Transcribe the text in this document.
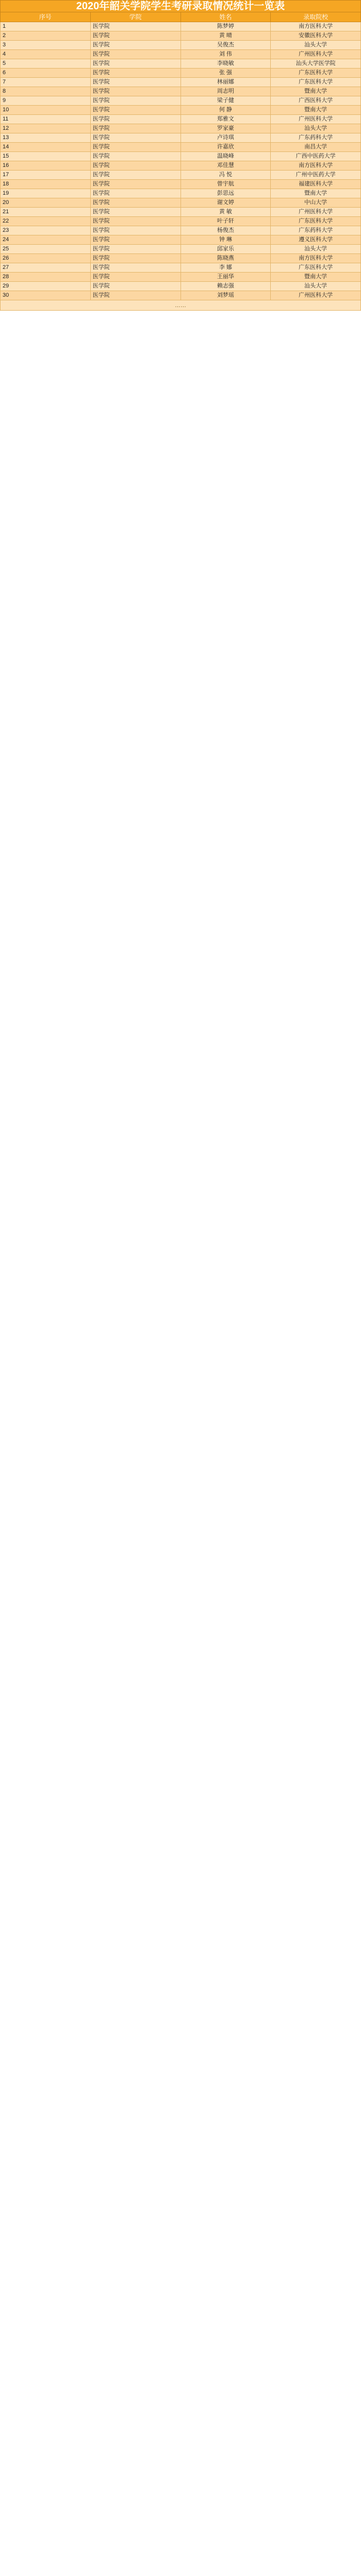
2020年韶关学院学生考研录取情况统计一览表			
序号	学院	姓名	录取院校
1	医学院	陈梦婷	南方医科大学
2	医学院	黄 晴	安徽医科大学
3	医学院	吴俊杰	汕头大学
4	医学院	刘 伟	广州医科大学
5	医学院	李晓敏	汕头大学医学院
6	医学院	张 强	广东医科大学
7	医学院	林丽娜	广东医科大学
8	医学院	周志明	暨南大学
9	医学院	梁子健	广西医科大学
10	医学院	何 静	暨南大学
11	医学院	郑雅文	广州医科大学
12	医学院	罗家豪	汕头大学
13	医学院	卢诗琪	广东药科大学
14	医学院	许嘉欣	南昌大学
15	医学院	温晓峰	广西中医药大学
16	医学院	邓佳慧	南方医科大学
17	医学院	冯 悦	广州中医药大学
18	医学院	曾宇航	福建医科大学
19	医学院	彭思远	暨南大学
20	医学院	谢文婷	中山大学
21	医学院	黄 敏	广州医科大学
22	医学院	叶子轩	广东医科大学
23	医学院	杨俊杰	广东药科大学
24	医学院	钟 琳	遵义医科大学
25	医学院	邱家乐	汕头大学
26	医学院	陈晓燕	南方医科大学
27	医学院	李 娜	广东医科大学
28	医学院	王丽华	暨南大学
29	医学院	赖志强	汕头大学
30	医学院	刘梦瑶	广州医科大学
……			
